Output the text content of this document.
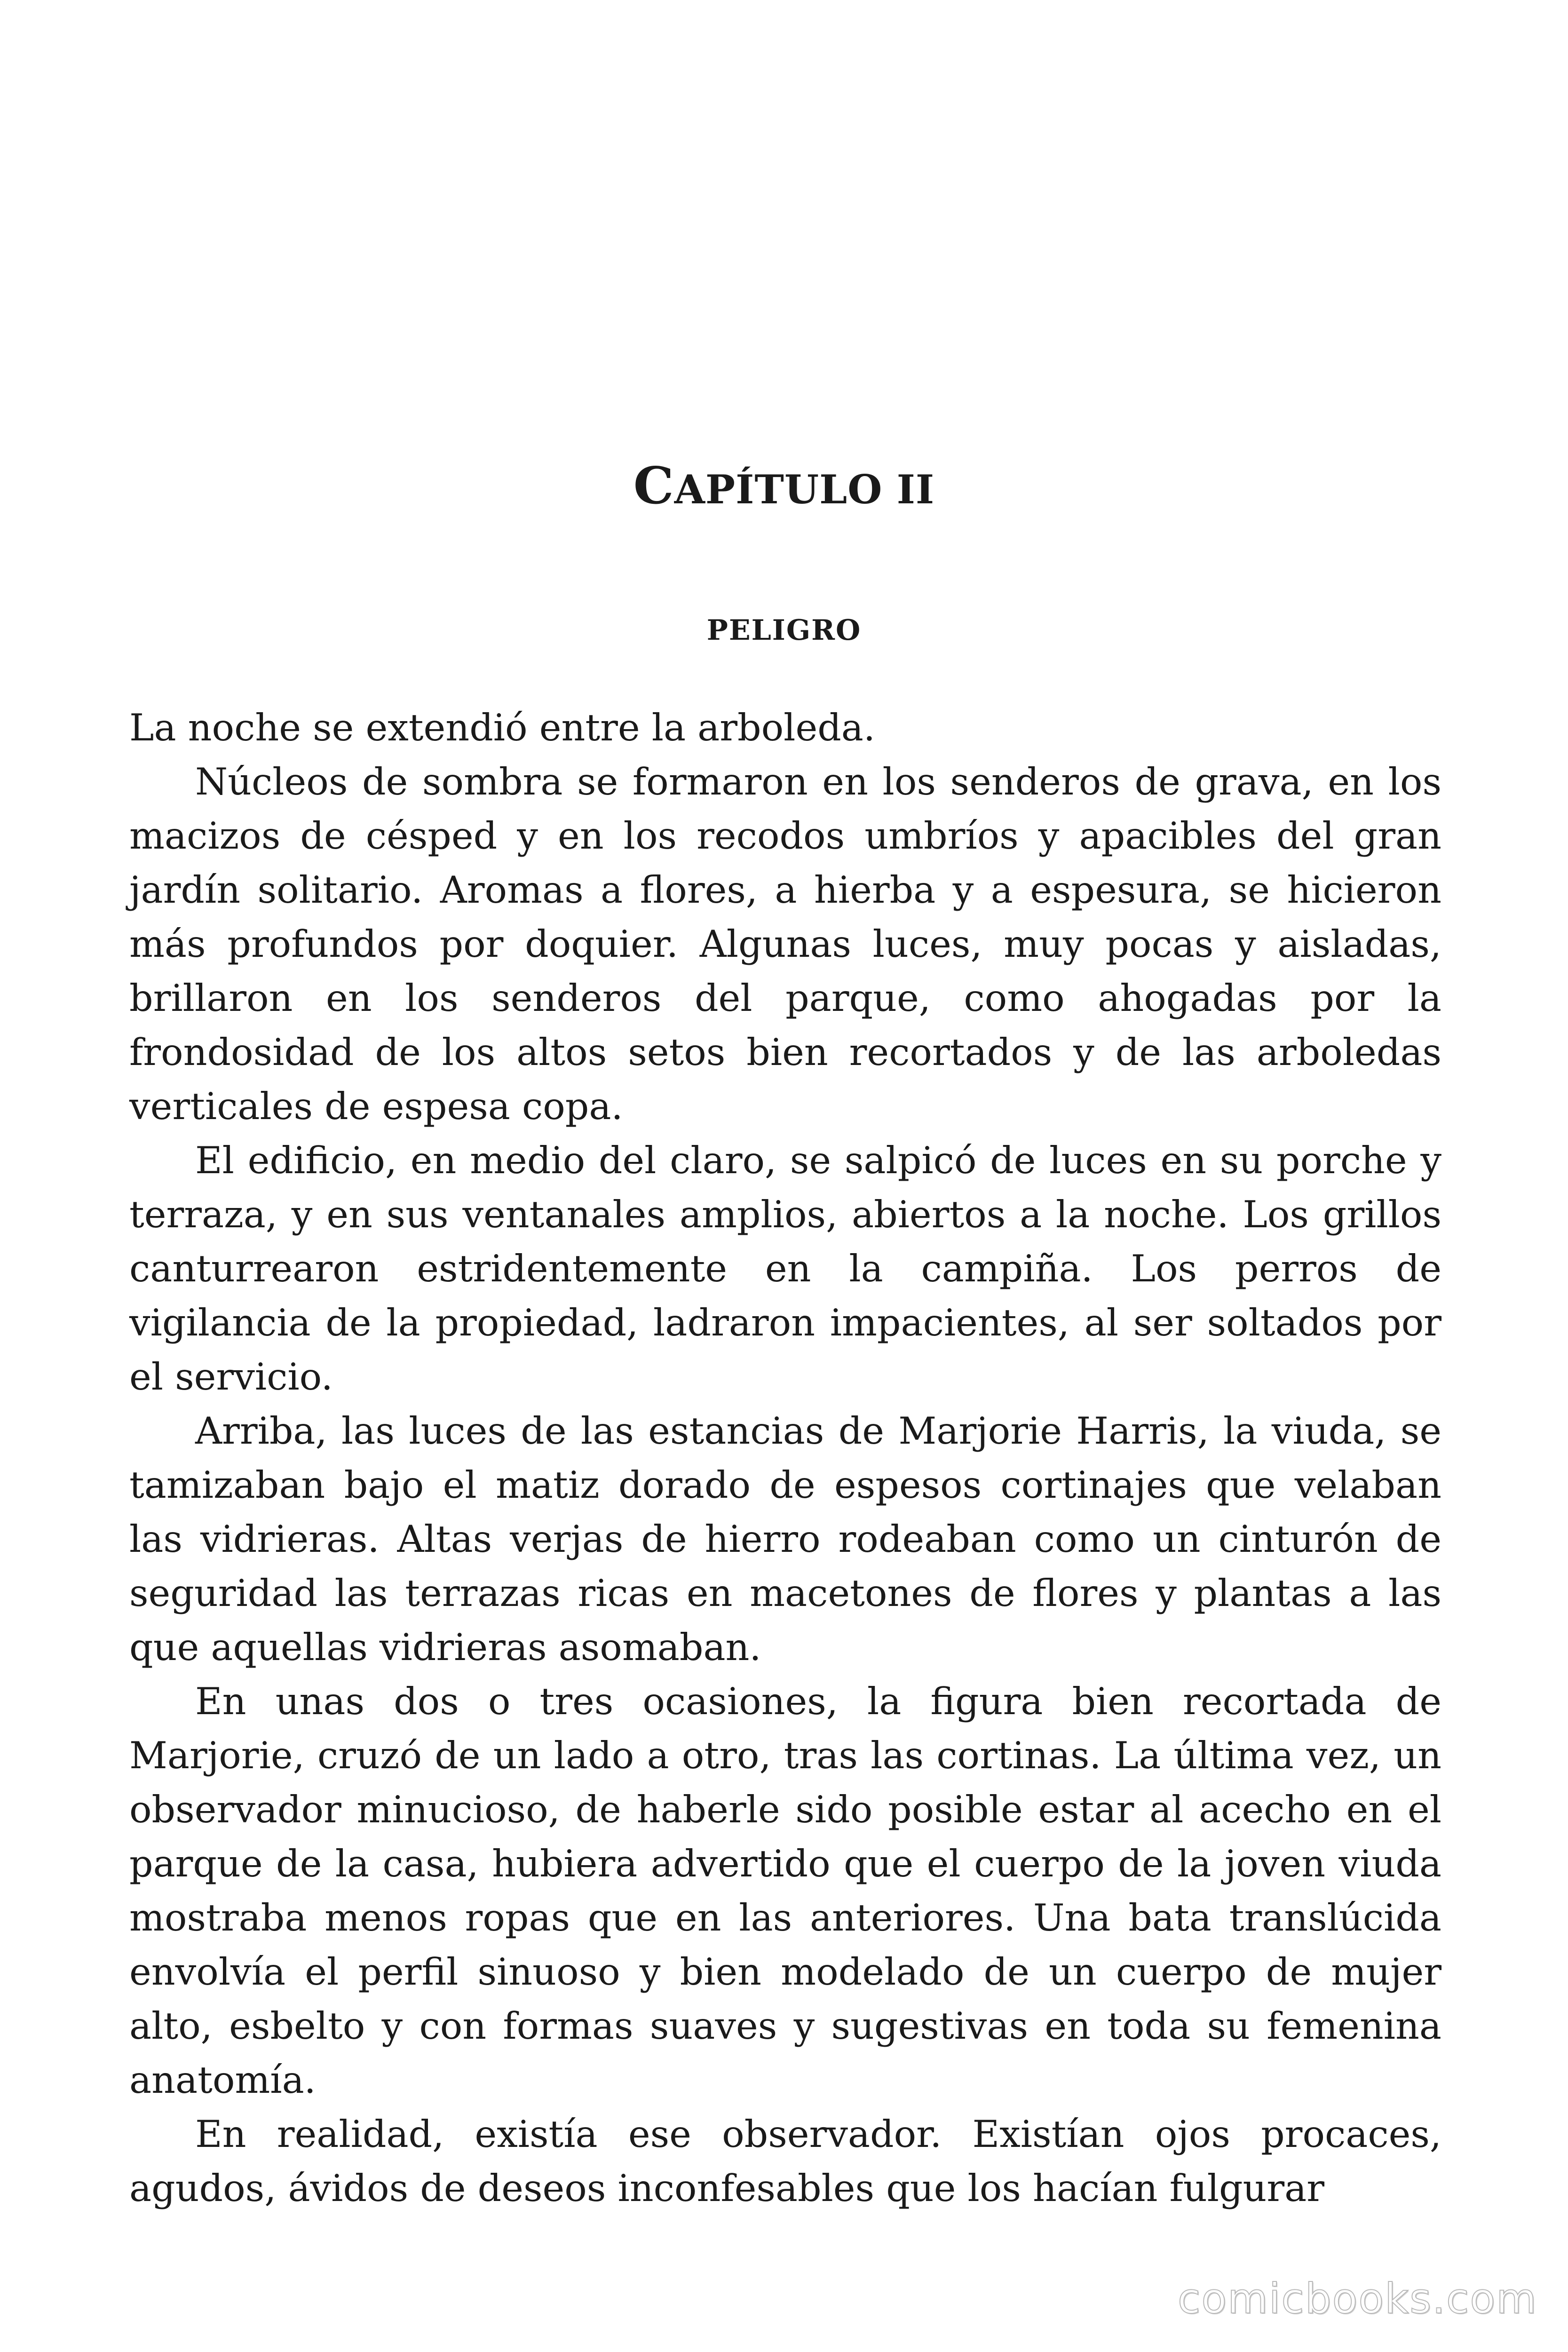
CAPÍTULO II
PELIGRO

La noche se extendió entre la arboleda.

Núcleos de sombra se formaron en los senderos de grava, en los macizos de césped y en los recodos umbríos y apacibles del gran jardín solitario. Aromas a flores, a hierba y a espesura, se hicieron más profundos por doquier. Algunas luces, muy pocas y aisladas, brillaron en los senderos del parque, como ahogadas por la frondosidad de los altos setos bien recortados y de las arboledas verticales de espesa copa.

El edificio, en medio del claro, se salpicó de luces en su porche y terraza, y en sus ventanales amplios, abiertos a la noche. Los grillos canturrearon estridentemente en la campiña. Los perros de vigilancia de la propiedad, ladraron impacientes, al ser soltados por el servicio.

Arriba, las luces de las estancias de Marjorie Harris, la viuda, se tamizaban bajo el matiz dorado de espesos cortinajes que velaban las vidrieras. Altas verjas de hierro rodeaban como un cinturón de seguridad las terrazas ricas en macetones de flores y plantas a las que aquellas vidrieras asomaban.

En unas dos o tres ocasiones, la figura bien recortada de Marjorie, cruzó de un lado a otro, tras las cortinas. La última vez, un observador minucioso, de haberle sido posible estar al acecho en el parque de la casa, hubiera advertido que el cuerpo de la joven viuda mostraba menos ropas que en las anteriores. Una bata translúcida envolvía el perfil sinuoso y bien modelado de un cuerpo de mujer alto, esbelto y con formas suaves y sugestivas en toda su femenina anatomía.

En realidad, existía ese observador. Existían ojos procaces, agudos, ávidos de deseos inconfesables que los hacían fulgurar

comicbooks.com
